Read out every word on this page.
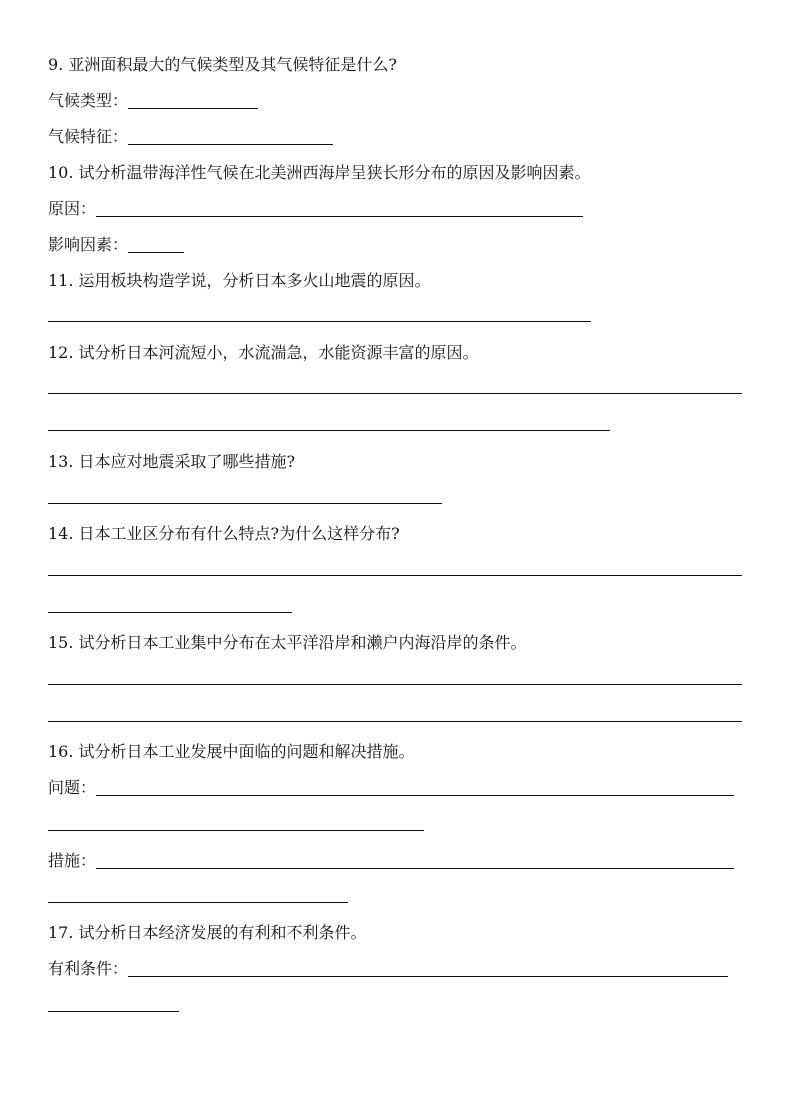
9. 亚洲面积最大的气候类型及其气候特征是什么?
气候类型：
气候特征：
10. 试分析温带海洋性气候在北美洲西海岸呈狭长形分布的原因及影响因素。
原因：
影响因素：
11. 运用板块构造学说，分析日本多火山地震的原因。
12. 试分析日本河流短小，水流湍急，水能资源丰富的原因。
13. 日本应对地震采取了哪些措施?
14. 日本工业区分布有什么特点?为什么这样分布?
15. 试分析日本工业集中分布在太平洋沿岸和濑户内海沿岸的条件。
16. 试分析日本工业发展中面临的问题和解决措施。
问题：
措施：
17. 试分析日本经济发展的有利和不利条件。
有利条件：
